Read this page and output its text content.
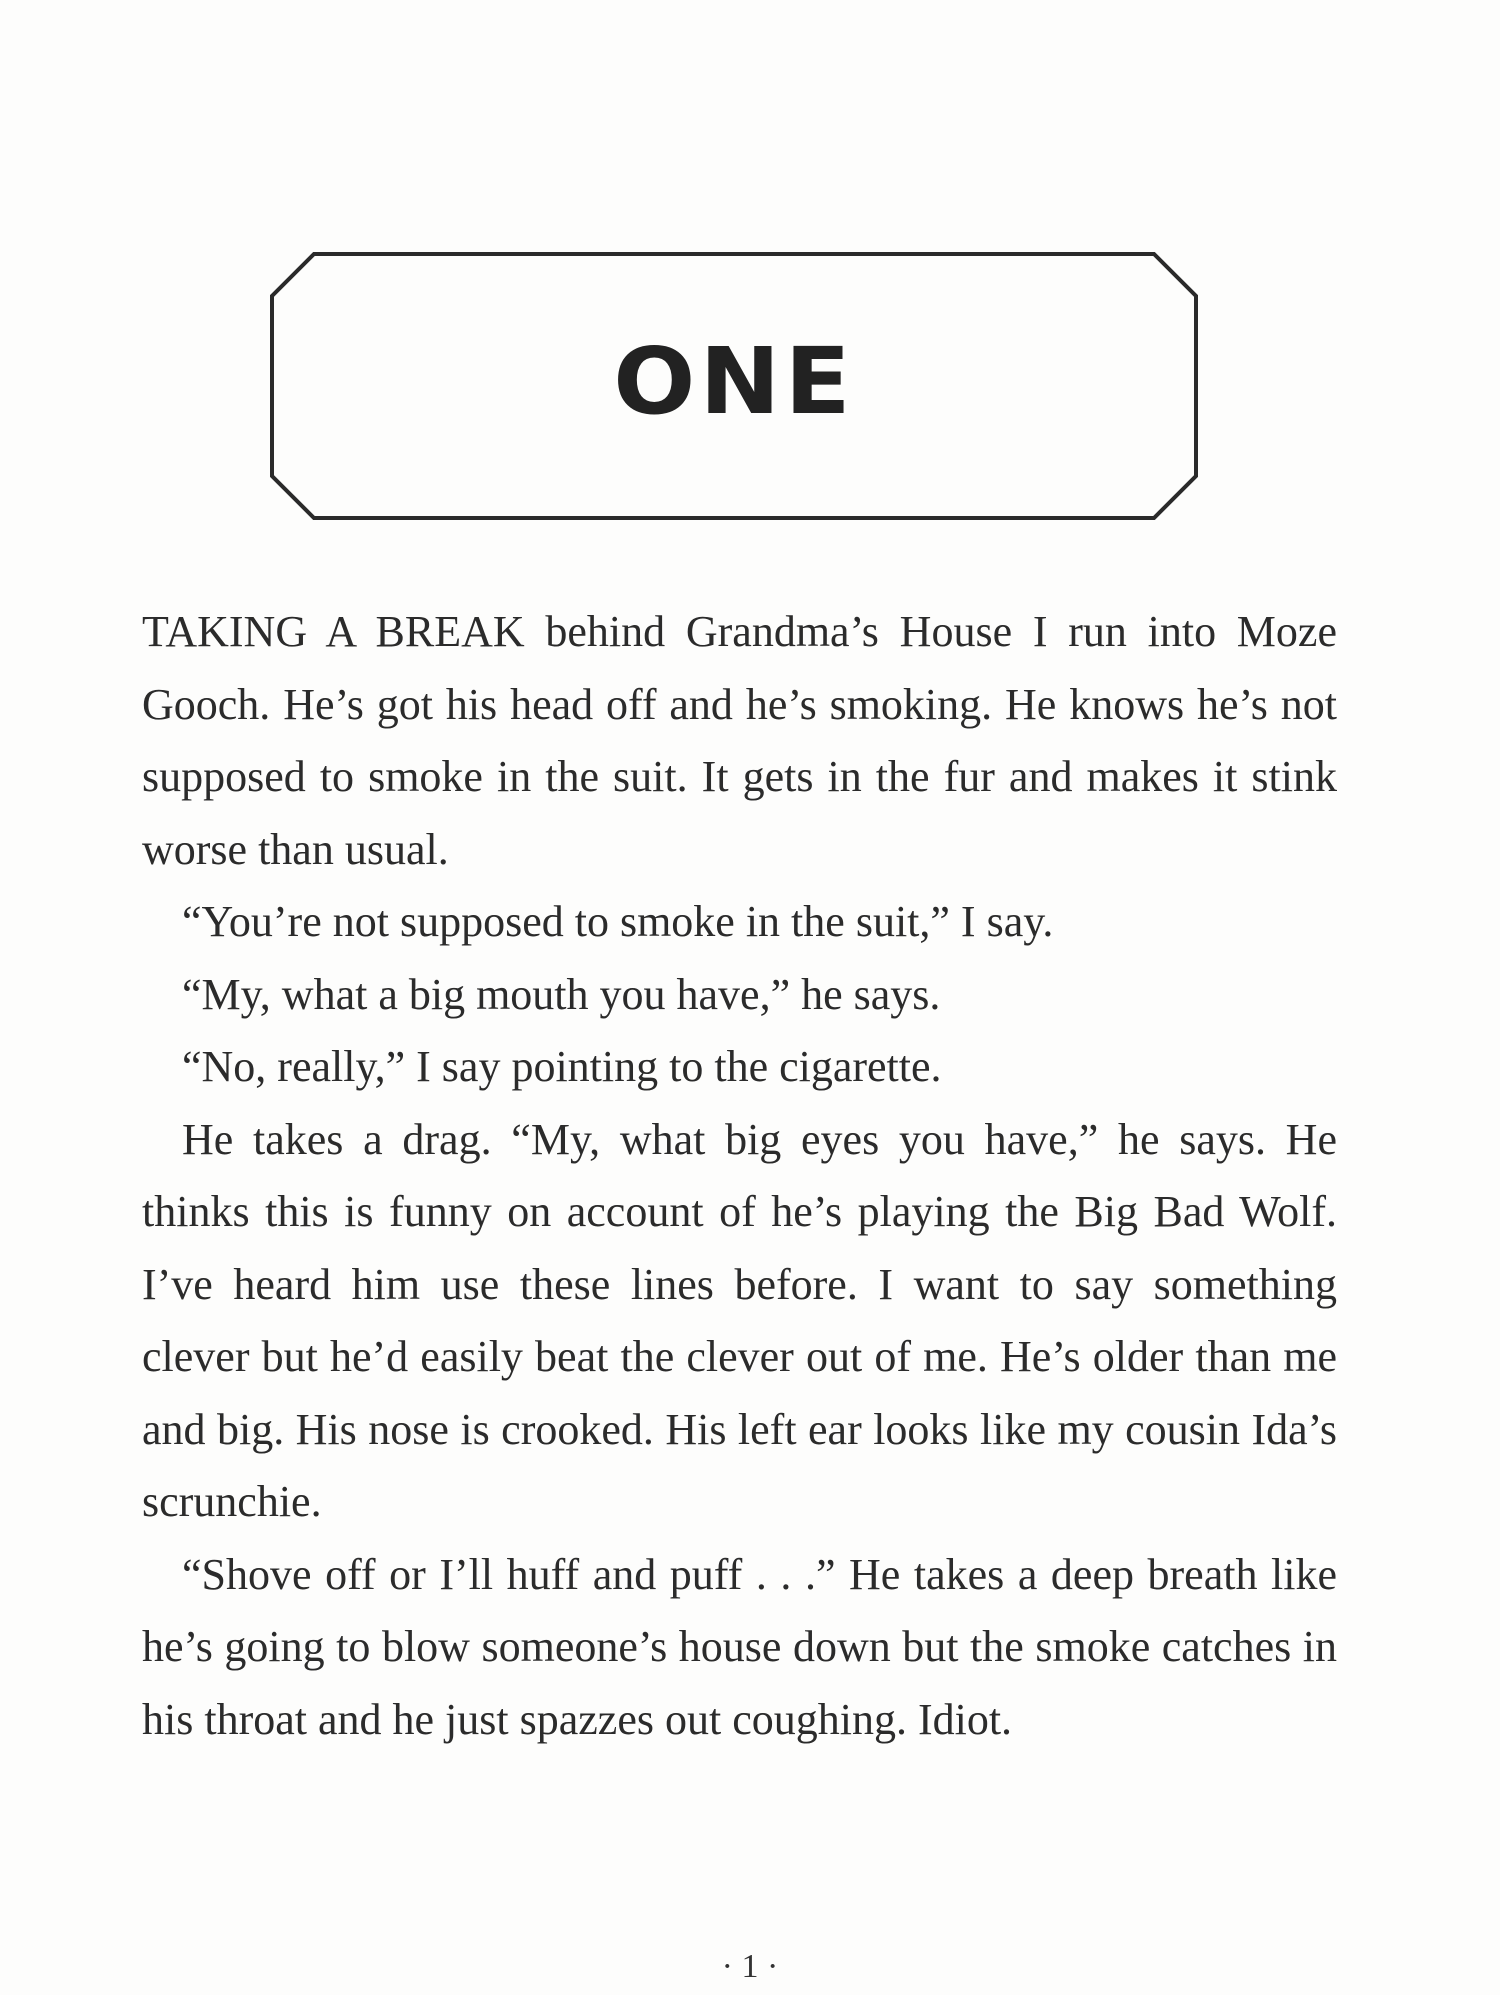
ONE

TAKING A BREAK behind Grandma’s House I run into Moze Gooch. He’s got his head off and he’s smoking. He knows he’s not supposed to smoke in the suit. It gets in the fur and makes it stink worse than usual.

“You’re not supposed to smoke in the suit,” I say.

“My, what a big mouth you have,” he says.

“No, really,” I say pointing to the cigarette.

He takes a drag. “My, what big eyes you have,” he says. He thinks this is funny on account of he’s playing the Big Bad Wolf. I’ve heard him use these lines before. I want to say something clever but he’d easily beat the clever out of me. He’s older than me and big. His nose is crooked. His left ear looks like my cousin Ida’s scrunchie.

“Shove off or I’ll huff and puff . . .” He takes a deep breath like he’s going to blow someone’s house down but the smoke catches in his throat and he just spazzes out coughing. Idiot.

· 1 ·
